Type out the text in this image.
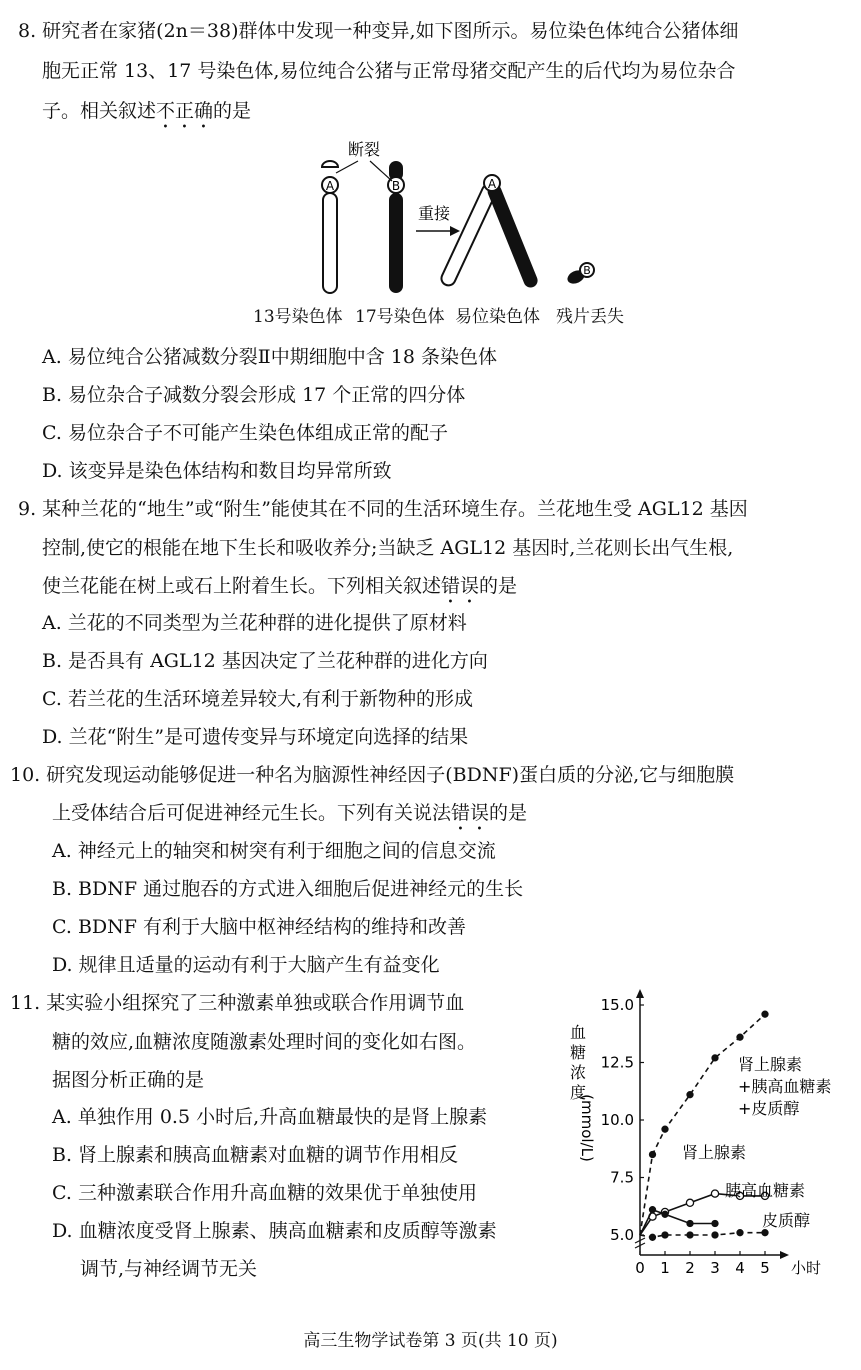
8. 研究者在家猪(2n＝38)群体中发现一种变异,如下图所示。易位染色体纯合公猪体细
胞无正常 13、17 号染色体,易位纯合公猪与正常母猪交配产生的后代均为易位杂合
子。相关叙述不正确的是
A	B
断裂
重接
A
B
13号染色体 17号染色体 易位染色体 残片丢失
A. 易位纯合公猪减数分裂Ⅱ中期细胞中含 18 条染色体
B. 易位杂合子减数分裂会形成 17 个正常的四分体
C. 易位杂合子不可能产生染色体组成正常的配子
D. 该变异是染色体结构和数目均异常所致
9. 某种兰花的“地生”或“附生”能使其在不同的生活环境生存。兰花地生受 AGL12 基因
控制,使它的根能在地下生长和吸收养分;当缺乏 AGL12 基因时,兰花则长出气生根,
使兰花能在树上或石上附着生长。下列相关叙述错误的是
A. 兰花的不同类型为兰花种群的进化提供了原材料
B. 是否具有 AGL12 基因决定了兰花种群的进化方向
C. 若兰花的生活环境差异较大,有利于新物种的形成
D. 兰花“附生”是可遗传变异与环境定向选择的结果
10. 研究发现运动能够促进一种名为脑源性神经因子(BDNF)蛋白质的分泌,它与细胞膜
上受体结合后可促进神经元生长。下列有关说法错误的是
A. 神经元上的轴突和树突有利于细胞之间的信息交流
B. BDNF 通过胞吞的方式进入细胞后促进神经元的生长
C. BDNF 有利于大脑中枢神经结构的维持和改善
D. 规律且适量的运动有利于大脑产生有益变化
11. 某实验小组探究了三种激素单独或联合作用调节血
糖的效应,血糖浓度随激素处理时间的变化如右图。
据图分析正确的是
A. 单独作用 0.5 小时后,升高血糖最快的是肾上腺素
B. 肾上腺素和胰高血糖素对血糖的调节作用相反
C. 三种激素联合作用升高血糖的效果优于单独使用
D. 血糖浓度受肾上腺素、胰高血糖素和皮质醇等激素
调节,与神经调节无关
5.0
7.5
10.0
12.5
15.0
0 1 2 3 4 5 小时
血
糖
浓
度
(mmol/L)
肾上腺素
+胰高血糖素
+皮质醇
肾上腺素
胰高血糖素
皮质醇
高三生物学试卷第 3 页(共 10 页)
